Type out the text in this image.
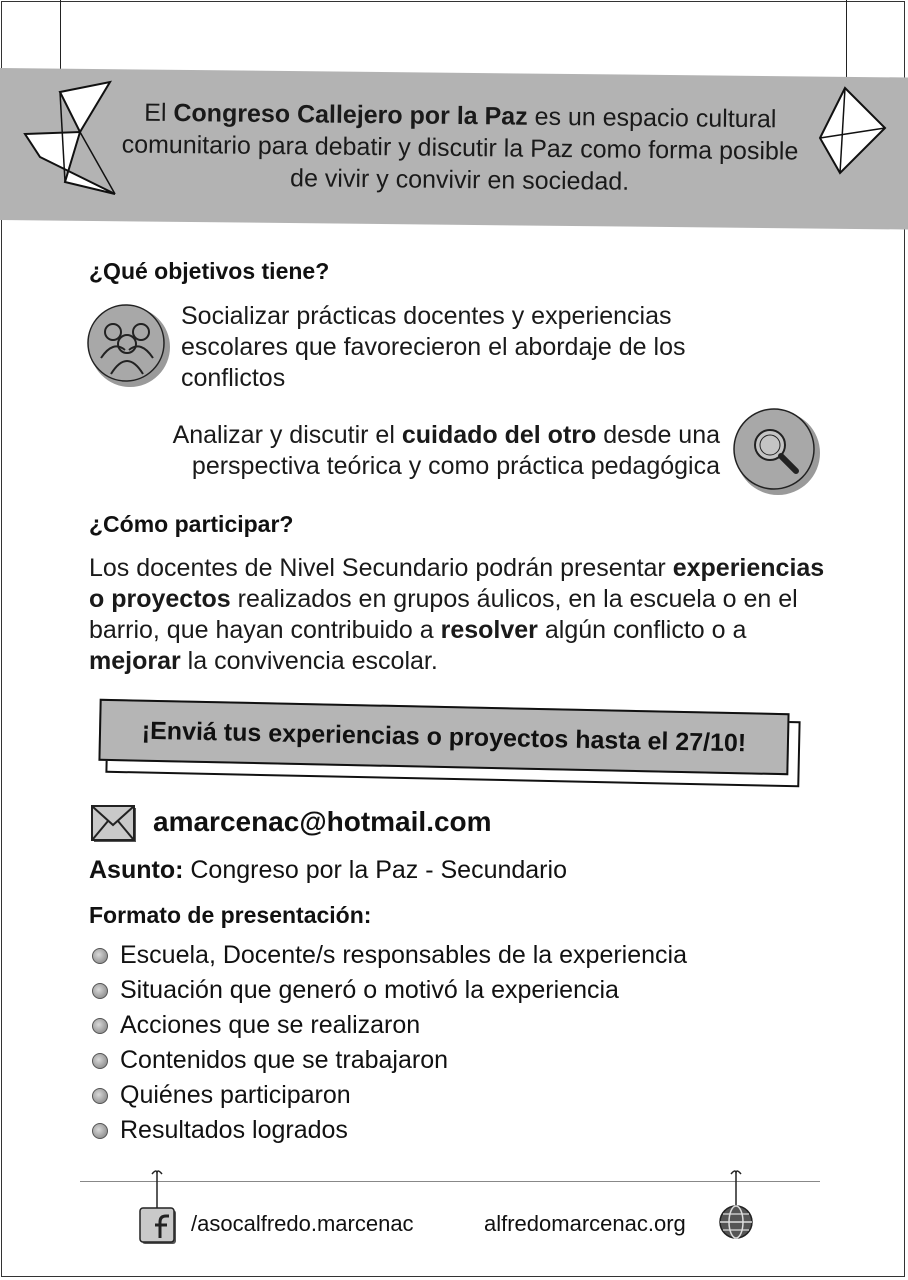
El Congreso Callejero por la Paz es un espacio cultural comunitario para debatir y discutir la Paz como forma posible de vivir y convivir en sociedad.
¿Qué objetivos tiene?

Socializar prácticas docentes y experiencias escolares que favorecieron el abordaje de los conflictos

Analizar y discutir el cuidado del otro desde una perspectiva teórica y como práctica pedagógica

¿Cómo participar?

Los docentes de Nivel Secundario podrán presentar experiencias o proyectos realizados en grupos áulicos, en la escuela o en el barrio, que hayan contribuido a resolver algún conflicto o a mejorar la convivencia escolar.

¡Enviá tus experiencias o proyectos hasta el 27/10!
amarcenac@hotmail.com
Asunto: Congreso por la Paz - Secundario
Formato de presentación:
Escuela, Docente/s responsables de la experiencia
Situación que generó o motivó la experiencia
Acciones que se realizaron
Contenidos que se trabajaron
Quiénes participaron
Resultados logrados
/asocalfredo.marcenac	alfredomarcenac.org
